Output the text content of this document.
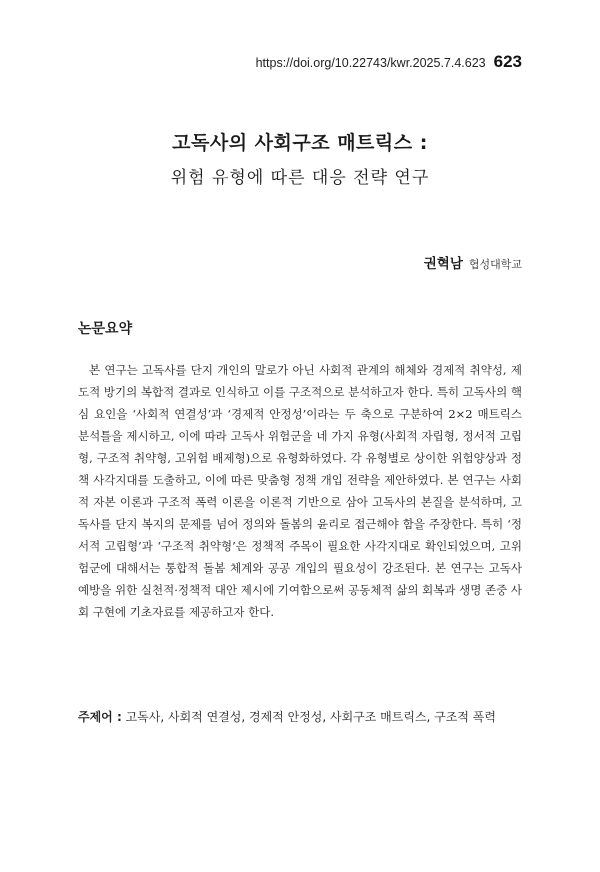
https://doi.org/10.22743/kwr.2025.7.4.623 623

고독사의 사회구조 매트릭스 :

위험 유형에 따른 대응 전략 연구

권혁남 협성대학교

논문요약

본 연구는 고독사를 단지 개인의 말로가 아닌 사회적 관계의 해체와 경제적 취약성, 제도적 방기의 복합적 결과로 인식하고 이를 구조적으로 분석하고자 한다. 특히 고독사의 핵심 요인을 ‘사회적 연결성’과 ‘경제적 안정성’이라는 두 축으로 구분하여 2×2 매트릭스 분석틀을 제시하고, 이에 따라 고독사 위험군을 네 가지 유형(사회적 자립형, 정서적 고립형, 구조적 취약형, 고위험 배제형)으로 유형화하였다. 각 유형별로 상이한 위험양상과 정책 사각지대를 도출하고, 이에 따른 맞춤형 정책 개입 전략을 제안하였다. 본 연구는 사회적 자본 이론과 구조적 폭력 이론을 이론적 기반으로 삼아 고독사의 본질을 분석하며, 고독사를 단지 복지의 문제를 넘어 정의와 돌봄의 윤리로 접근해야 함을 주장한다. 특히 ‘정서적 고립형’과 ‘구조적 취약형’은 정책적 주목이 필요한 사각지대로 확인되었으며, 고위험군에 대해서는 통합적 돌봄 체계와 공공 개입의 필요성이 강조된다. 본 연구는 고독사 예방을 위한 실천적·정책적 대안 제시에 기여함으로써 공동체적 삶의 회복과 생명 존중 사회 구현에 기초자료를 제공하고자 한다.

주제어 : 고독사, 사회적 연결성, 경제적 안정성, 사회구조 매트릭스, 구조적 폭력
